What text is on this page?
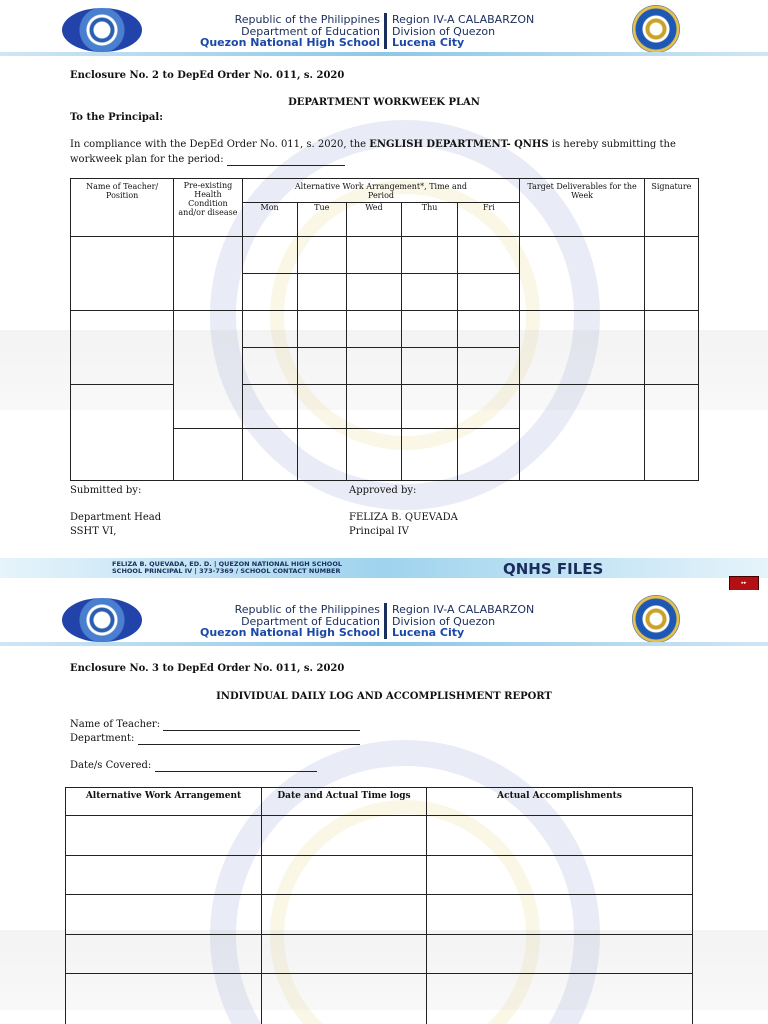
Republic of the Philippines
Department of Education
Quezon National High School
Region IV-A CALABARZON
Division of Quezon
Lucena City
Enclosure No. 2 to DepEd Order No. 011, s. 2020
DEPARTMENT WORKWEEK PLAN
To the Principal:
In compliance with the DepEd Order No. 011, s. 2020, the ENGLISH DEPARTMENT- QNHS is hereby submitting the
workweek plan for the period:
Name of Teacher/ Position	Pre-existing Health Condition and/or disease	Alternative Work Arrangement*, Time and Period					Target Deliverables for the Week	Signature
		Mon	Tue	Wed	Thu	Fri		

Submitted by:	Approved by:
Department Head
SSHT VI,
FELIZA B. QUEVADA
Principal IV
FELIZA B. QUEVADA, ED. D. | QUEZON NATIONAL HIGH SCHOOL
SCHOOL PRINCIPAL IV | 373-7369 / SCHOOL CONTACT NUMBER	QNHS FILES
▸▸
Republic of the Philippines
Department of Education
Quezon National High School
Region IV-A CALABARZON
Division of Quezon
Lucena City
Enclosure No. 3 to DepEd Order No. 011, s. 2020
INDIVIDUAL DAILY LOG AND ACCOMPLISHMENT REPORT
Name of Teacher:
Department:
Date/s Covered:
Alternative Work Arrangement	Date and Actual Time logs	Actual Accomplishments
